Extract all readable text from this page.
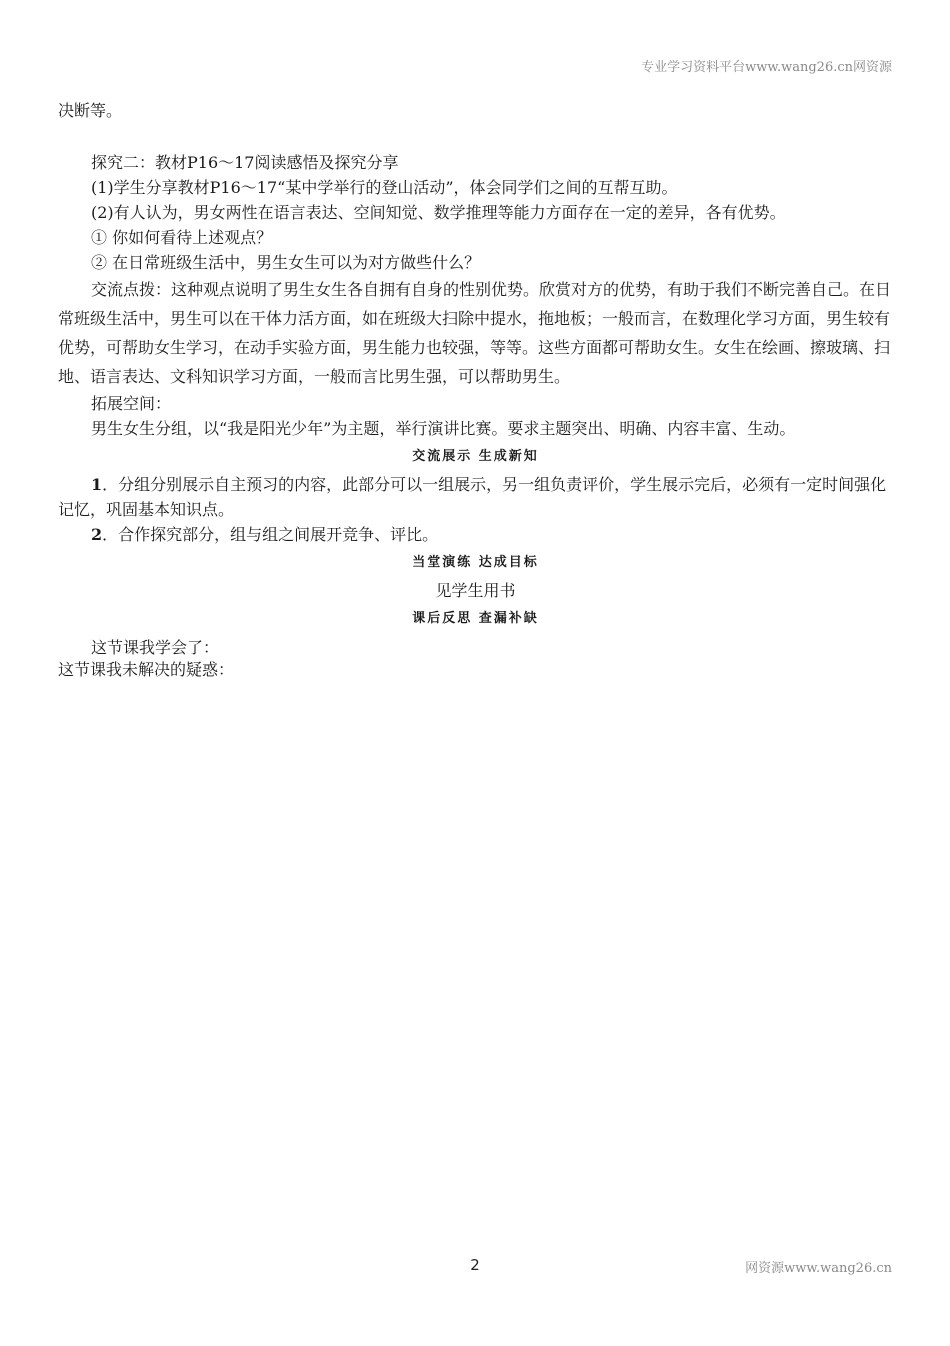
专业学习资料平台www.wang26.cn网资源

决断等。

探究二：教材P16～17阅读感悟及探究分享

(1)学生分享教材P16～17“某中学举行的登山活动”，体会同学们之间的互帮互助。

(2)有人认为，男女两性在语言表达、空间知觉、数学推理等能力方面存在一定的差异，各有优势。

① 你如何看待上述观点？

② 在日常班级生活中，男生女生可以为对方做些什么？

交流点拨：这种观点说明了男生女生各自拥有自身的性别优势。欣赏对方的优势，有助于我们不断完善自己。在日常班级生活中，男生可以在干体力活方面，如在班级大扫除中提水，拖地板；一般而言，在数理化学习方面，男生较有优势，可帮助女生学习，在动手实验方面，男生能力也较强，等等。这些方面都可帮助女生。女生在绘画、擦玻璃、扫地、语言表达、文科知识学习方面，一般而言比男生强，可以帮助男生。

拓展空间：

男生女生分组，以“我是阳光少年”为主题，举行演讲比赛。要求主题突出、明确、内容丰富、生动。

交流展示 生成新知

1．分组分别展示自主预习的内容，此部分可以一组展示，另一组负责评价，学生展示完后，必须有一定时间强化记忆，巩固基本知识点。

2．合作探究部分，组与组之间展开竞争、评比。

当堂演练 达成目标

见学生用书

课后反思 查漏补缺

这节课我学会了：

这节课我未解决的疑惑：

2	网资源www.wang26.cn
